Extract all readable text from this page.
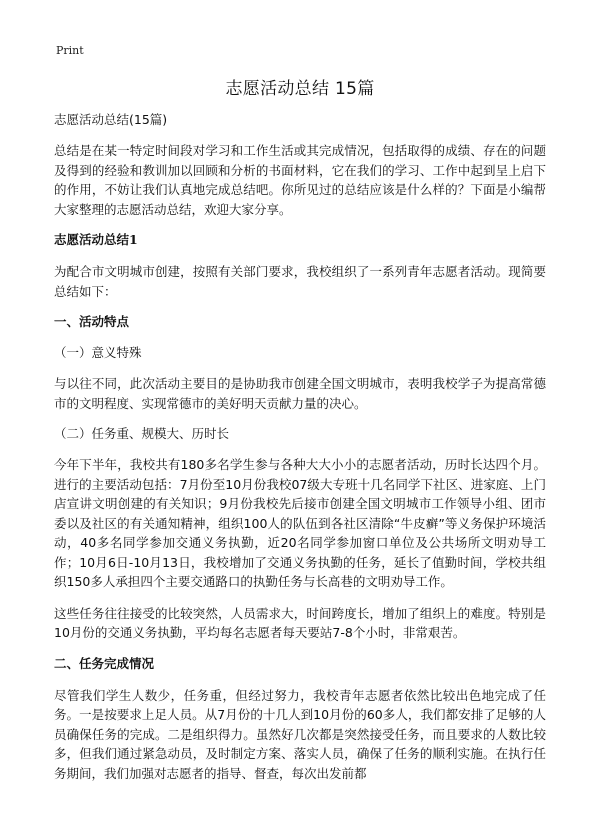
Print
志愿活动总结 15篇
志愿活动总结(15篇)

总结是在某一特定时间段对学习和工作生活或其完成情况，包括取得的成绩、存在的问题及得到的经验和教训加以回顾和分析的书面材料，它在我们的学习、工作中起到呈上启下的作用，不妨让我们认真地完成总结吧。你所见过的总结应该是什么样的？下面是小编帮大家整理的志愿活动总结，欢迎大家分享。

志愿活动总结1

为配合市文明城市创建，按照有关部门要求，我校组织了一系列青年志愿者活动。现简要总结如下：

一、活动特点
（一）意义特殊

与以往不同，此次活动主要目的是协助我市创建全国文明城市，表明我校学子为提高常德市的文明程度、实现常德市的美好明天贡献力量的决心。

（二）任务重、规模大、历时长

今年下半年，我校共有180多名学生参与各种大大小小的志愿者活动，历时长达四个月。进行的主要活动包括：7月份至10月份我校07级大专班十几名同学下社区、进家庭、上门店宣讲文明创建的有关知识；9月份我校先后接市创建全国文明城市工作领导小组、团市委以及社区的有关通知精神，组织100人的队伍到各社区清除“牛皮癣”等义务保护环境活动，40多名同学参加交通义务执勤，近20名同学参加窗口单位及公共场所文明劝导工作；10月6日-10月13日，我校增加了交通义务执勤的任务，延长了值勤时间，学校共组织150多人承担四个主要交通路口的执勤任务与长高巷的文明劝导工作。

这些任务往往接受的比较突然，人员需求大，时间跨度长，增加了组织上的难度。特别是10月份的交通义务执勤，平均每名志愿者每天要站7-8个小时，非常艰苦。

二、任务完成情况

尽管我们学生人数少，任务重，但经过努力，我校青年志愿者依然比较出色地完成了任务。一是按要求上足人员。从7月份的十几人到10月份的60多人，我们都安排了足够的人员确保任务的完成。二是组织得力。虽然好几次都是突然接受任务，而且要求的人数比较多，但我们通过紧急动员，及时制定方案、落实人员，确保了任务的顺利实施。在执行任务期间，我们加强对志愿者的指导、督查，每次出发前都
